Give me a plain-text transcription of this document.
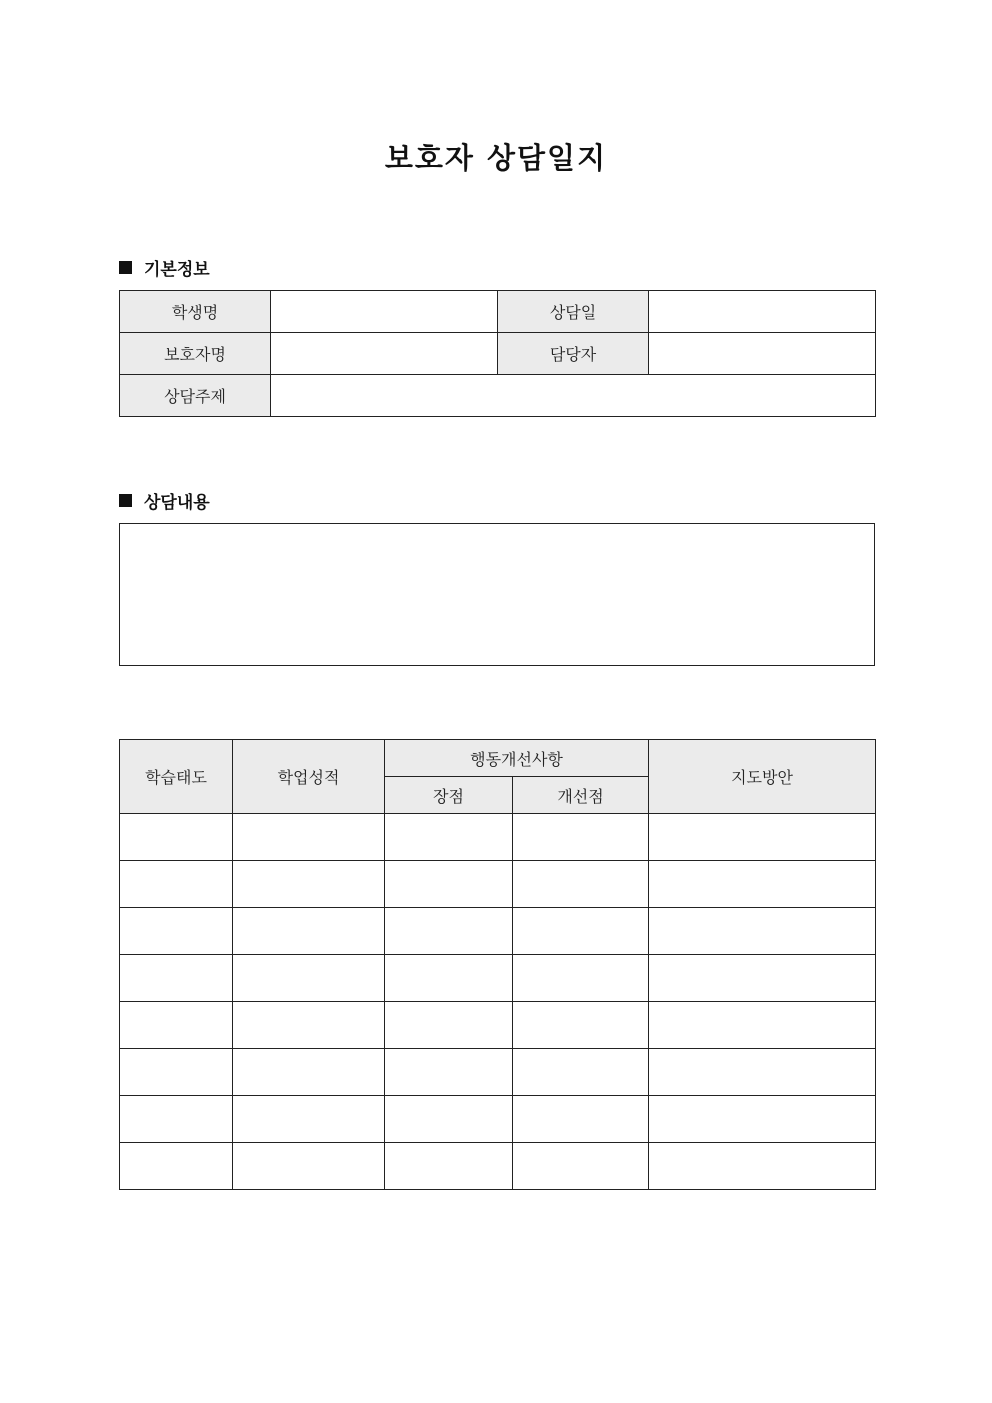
보호자 상담일지
기본정보
학생명		상담일	
보호자명		담당자	
상담주제			
상담내용
학습태도	학업성적	행동개선사항		지도방안
		장점	개선점	
